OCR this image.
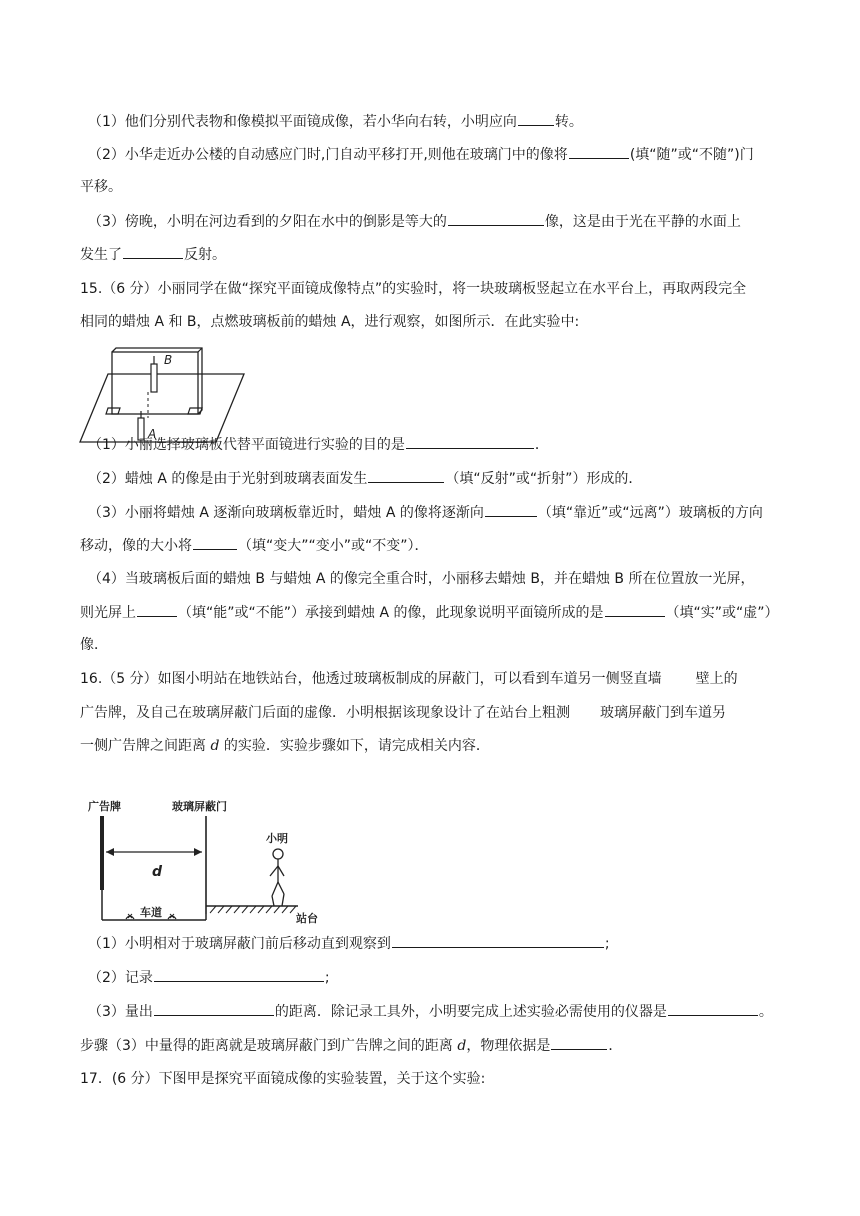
（1）他们分别代表物和像模拟平面镜成像，若小华向右转，小明应向	转。
（2）小华走近办公楼的自动感应门时,门自动平移打开,则他在玻璃门中的像将	(填“随”或“不随”)门
平移。
（3）傍晚，小明在河边看到的夕阳在水中的倒影是等大的	像，这是由于光在平静的水面上
发生了	反射。
15.（6 分）小丽同学在做“探究平面镜成像特点”的实验时，将一块玻璃板竖起立在水平台上，再取两段完全
相同的蜡烛 A 和 B，点燃玻璃板前的蜡烛 A，进行观察，如图所示．在此实验中:
B
A
（1）小丽选择玻璃板代替平面镜进行实验的目的是	．
（2）蜡烛 A 的像是由于光射到玻璃表面发生	（填“反射”或“折射”）形成的．
（3）小丽将蜡烛 A 逐渐向玻璃板靠近时，蜡烛 A 的像将逐渐向	（填“靠近”或“远离”）玻璃板的方向
移动，像的大小将	（填“变大”“变小”或“不变”）．
（4）当玻璃板后面的蜡烛 B 与蜡烛 A 的像完全重合时，小丽移去蜡烛 B，并在蜡烛 B 所在位置放一光屏，
则光屏上	（填“能”或“不能”）承接到蜡烛 A 的像，此现象说明平面镜所成的是	（填“实”或“虚”）
像．
16.（5 分）如图小明站在地铁站台，他透过玻璃板制成的屏蔽门，可以看到车道另一侧竖直墙 壁上的
广告牌，及自己在玻璃屏蔽门后面的虚像．小明根据该现象设计了在站台上粗测 玻璃屏蔽门到车道另
一侧广告牌之间距离 d 的实验．实验步骤如下，请完成相关内容．
广告牌	玻璃屏蔽门
小明
车道
d
站台
（1）小明相对于玻璃屏蔽门前后移动直到观察到	;
（2）记录	;
（3）量出	的距离．除记录工具外，小明要完成上述实验必需使用的仪器是	。
步骤（3）中量得的距离就是玻璃屏蔽门到广告牌之间的距离 d，物理依据是	．
17．(6 分）下图甲是探究平面镜成像的实验装置，关于这个实验:
